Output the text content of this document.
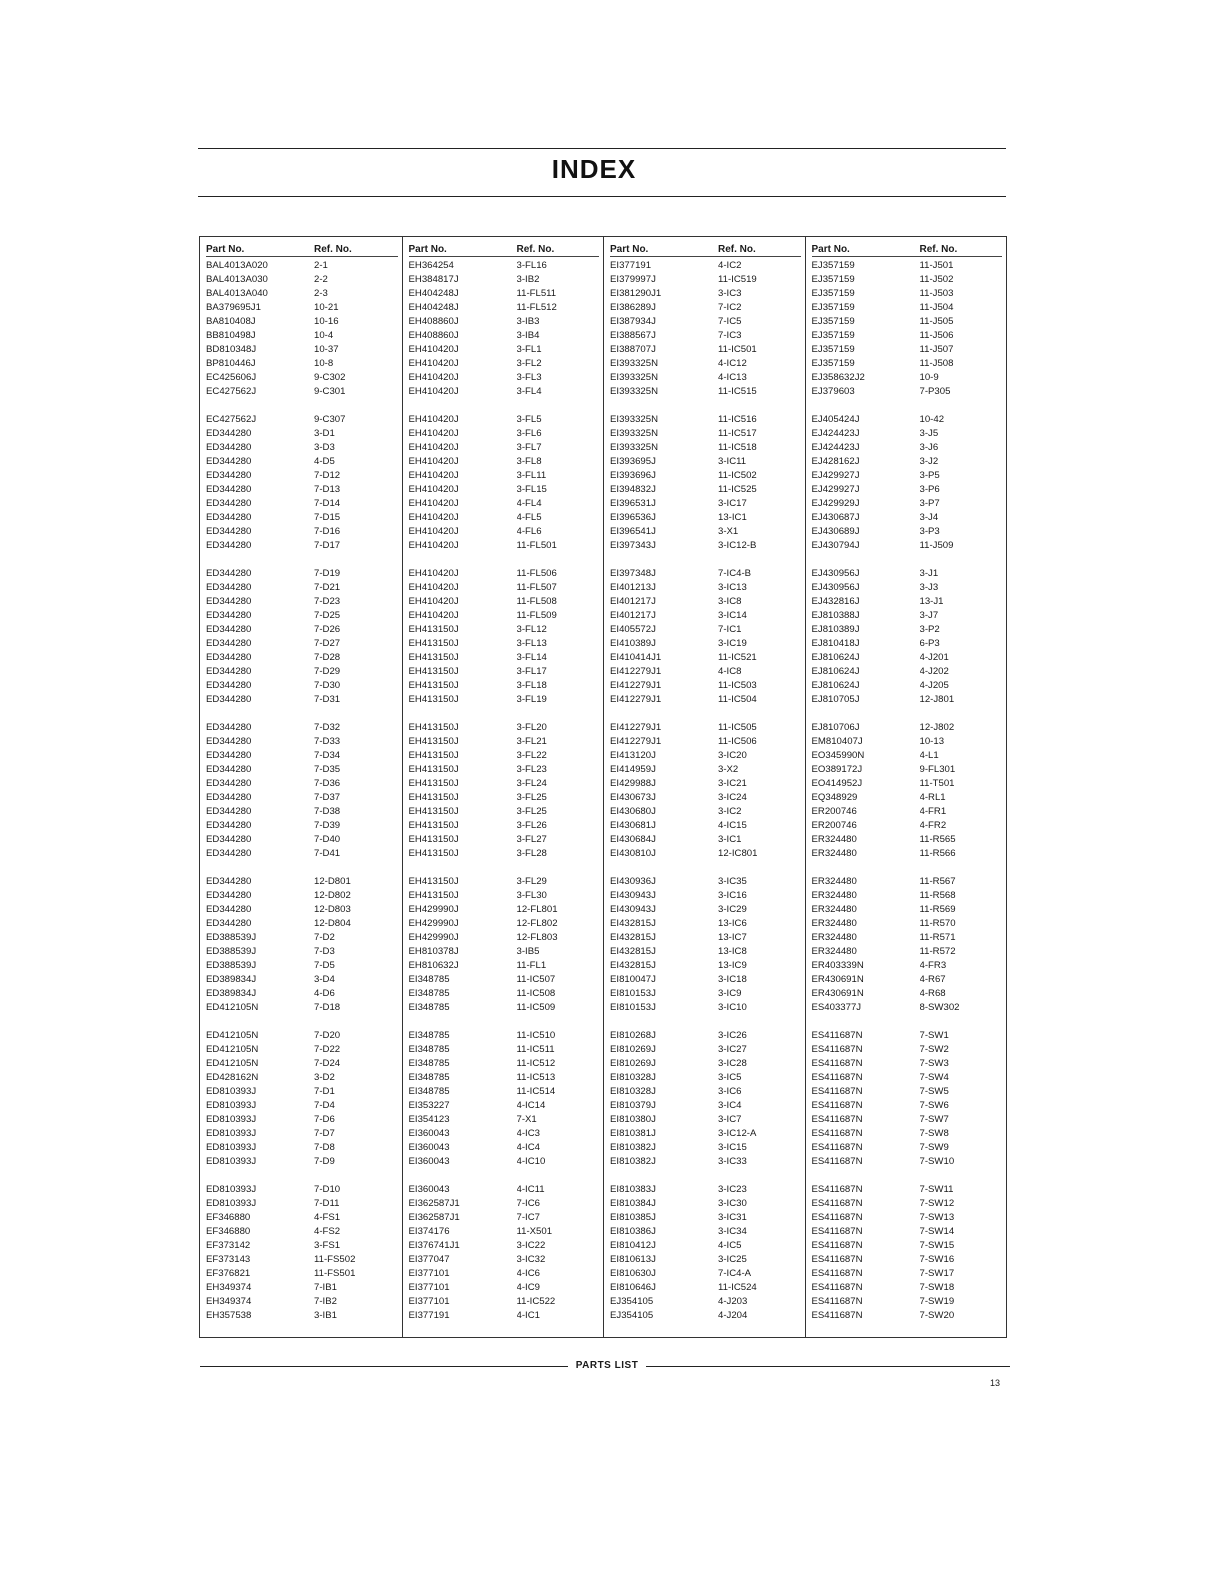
INDEX
Part No.	Ref. No.
BAL4013A020	2-1
BAL4013A030	2-2
BAL4013A040	2-3
BA379695J1	10-21
BA810408J	10-16
BB810498J	10-4
BD810348J	10-37
BP810446J	10-8
EC425606J	9-C302
EC427562J	9-C301
EC427562J	9-C307
ED344280	3-D1
ED344280	3-D3
ED344280	4-D5
ED344280	7-D12
ED344280	7-D13
ED344280	7-D14
ED344280	7-D15
ED344280	7-D16
ED344280	7-D17
ED344280	7-D19
ED344280	7-D21
ED344280	7-D23
ED344280	7-D25
ED344280	7-D26
ED344280	7-D27
ED344280	7-D28
ED344280	7-D29
ED344280	7-D30
ED344280	7-D31
ED344280	7-D32
ED344280	7-D33
ED344280	7-D34
ED344280	7-D35
ED344280	7-D36
ED344280	7-D37
ED344280	7-D38
ED344280	7-D39
ED344280	7-D40
ED344280	7-D41
ED344280	12-D801
ED344280	12-D802
ED344280	12-D803
ED344280	12-D804
ED388539J	7-D2
ED388539J	7-D3
ED388539J	7-D5
ED389834J	3-D4
ED389834J	4-D6
ED412105N	7-D18
ED412105N	7-D20
ED412105N	7-D22
ED412105N	7-D24
ED428162N	3-D2
ED810393J	7-D1
ED810393J	7-D4
ED810393J	7-D6
ED810393J	7-D7
ED810393J	7-D8
ED810393J	7-D9
ED810393J	7-D10
ED810393J	7-D11
EF346880	4-FS1
EF346880	4-FS2
EF373142	3-FS1
EF373143	11-FS502
EF376821	11-FS501
EH349374	7-IB1
EH349374	7-IB2
EH357538	3-IB1
Part No.	Ref. No.
EH364254	3-FL16
EH384817J	3-IB2
EH404248J	11-FL511
EH404248J	11-FL512
EH408860J	3-IB3
EH408860J	3-IB4
EH410420J	3-FL1
EH410420J	3-FL2
EH410420J	3-FL3
EH410420J	3-FL4
EH410420J	3-FL5
EH410420J	3-FL6
EH410420J	3-FL7
EH410420J	3-FL8
EH410420J	3-FL11
EH410420J	3-FL15
EH410420J	4-FL4
EH410420J	4-FL5
EH410420J	4-FL6
EH410420J	11-FL501
EH410420J	11-FL506
EH410420J	11-FL507
EH410420J	11-FL508
EH410420J	11-FL509
EH413150J	3-FL12
EH413150J	3-FL13
EH413150J	3-FL14
EH413150J	3-FL17
EH413150J	3-FL18
EH413150J	3-FL19
EH413150J	3-FL20
EH413150J	3-FL21
EH413150J	3-FL22
EH413150J	3-FL23
EH413150J	3-FL24
EH413150J	3-FL25
EH413150J	3-FL25
EH413150J	3-FL26
EH413150J	3-FL27
EH413150J	3-FL28
EH413150J	3-FL29
EH413150J	3-FL30
EH429990J	12-FL801
EH429990J	12-FL802
EH429990J	12-FL803
EH810378J	3-IB5
EH810632J	11-FL1
EI348785	11-IC507
EI348785	11-IC508
EI348785	11-IC509
EI348785	11-IC510
EI348785	11-IC511
EI348785	11-IC512
EI348785	11-IC513
EI348785	11-IC514
EI353227	4-IC14
EI354123	7-X1
EI360043	4-IC3
EI360043	4-IC4
EI360043	4-IC10
EI360043	4-IC11
EI362587J1	7-IC6
EI362587J1	7-IC7
EI374176	11-X501
EI376741J1	3-IC22
EI377047	3-IC32
EI377101	4-IC6
EI377101	4-IC9
EI377101	11-IC522
EI377191	4-IC1
Part No.	Ref. No.
EI377191	4-IC2
EI379997J	11-IC519
EI381290J1	3-IC3
EI386289J	7-IC2
EI387934J	7-IC5
EI388567J	7-IC3
EI388707J	11-IC501
EI393325N	4-IC12
EI393325N	4-IC13
EI393325N	11-IC515
EI393325N	11-IC516
EI393325N	11-IC517
EI393325N	11-IC518
EI393695J	3-IC11
EI393696J	11-IC502
EI394832J	11-IC525
EI396531J	3-IC17
EI396536J	13-IC1
EI396541J	3-X1
EI397343J	3-IC12-B
EI397348J	7-IC4-B
EI401213J	3-IC13
EI401217J	3-IC8
EI401217J	3-IC14
EI405572J	7-IC1
EI410389J	3-IC19
EI410414J1	11-IC521
EI412279J1	4-IC8
EI412279J1	11-IC503
EI412279J1	11-IC504
EI412279J1	11-IC505
EI412279J1	11-IC506
EI413120J	3-IC20
EI414959J	3-X2
EI429988J	3-IC21
EI430673J	3-IC24
EI430680J	3-IC2
EI430681J	4-IC15
EI430684J	3-IC1
EI430810J	12-IC801
EI430936J	3-IC35
EI430943J	3-IC16
EI430943J	3-IC29
EI432815J	13-IC6
EI432815J	13-IC7
EI432815J	13-IC8
EI432815J	13-IC9
EI810047J	3-IC18
EI810153J	3-IC9
EI810153J	3-IC10
EI810268J	3-IC26
EI810269J	3-IC27
EI810269J	3-IC28
EI810328J	3-IC5
EI810328J	3-IC6
EI810379J	3-IC4
EI810380J	3-IC7
EI810381J	3-IC12-A
EI810382J	3-IC15
EI810382J	3-IC33
EI810383J	3-IC23
EI810384J	3-IC30
EI810385J	3-IC31
EI810386J	3-IC34
EI810412J	4-IC5
EI810613J	3-IC25
EI810630J	7-IC4-A
EI810646J	11-IC524
EJ354105	4-J203
EJ354105	4-J204
Part No.	Ref. No.
EJ357159	11-J501
EJ357159	11-J502
EJ357159	11-J503
EJ357159	11-J504
EJ357159	11-J505
EJ357159	11-J506
EJ357159	11-J507
EJ357159	11-J508
EJ358632J2	10-9
EJ379603	7-P305
EJ405424J	10-42
EJ424423J	3-J5
EJ424423J	3-J6
EJ428162J	3-J2
EJ429927J	3-P5
EJ429927J	3-P6
EJ429929J	3-P7
EJ430687J	3-J4
EJ430689J	3-P3
EJ430794J	11-J509
EJ430956J	3-J1
EJ430956J	3-J3
EJ432816J	13-J1
EJ810388J	3-J7
EJ810389J	3-P2
EJ810418J	6-P3
EJ810624J	4-J201
EJ810624J	4-J202
EJ810624J	4-J205
EJ810705J	12-J801
EJ810706J	12-J802
EM810407J	10-13
EO345990N	4-L1
EO389172J	9-FL301
EO414952J	11-T501
EQ348929	4-RL1
ER200746	4-FR1
ER200746	4-FR2
ER324480	11-R565
ER324480	11-R566
ER324480	11-R567
ER324480	11-R568
ER324480	11-R569
ER324480	11-R570
ER324480	11-R571
ER324480	11-R572
ER403339N	4-FR3
ER430691N	4-R67
ER430691N	4-R68
ES403377J	8-SW302
ES411687N	7-SW1
ES411687N	7-SW2
ES411687N	7-SW3
ES411687N	7-SW4
ES411687N	7-SW5
ES411687N	7-SW6
ES411687N	7-SW7
ES411687N	7-SW8
ES411687N	7-SW9
ES411687N	7-SW10
ES411687N	7-SW11
ES411687N	7-SW12
ES411687N	7-SW13
ES411687N	7-SW14
ES411687N	7-SW15
ES411687N	7-SW16
ES411687N	7-SW17
ES411687N	7-SW18
ES411687N	7-SW19
ES411687N	7-SW20
PARTS LIST
13
